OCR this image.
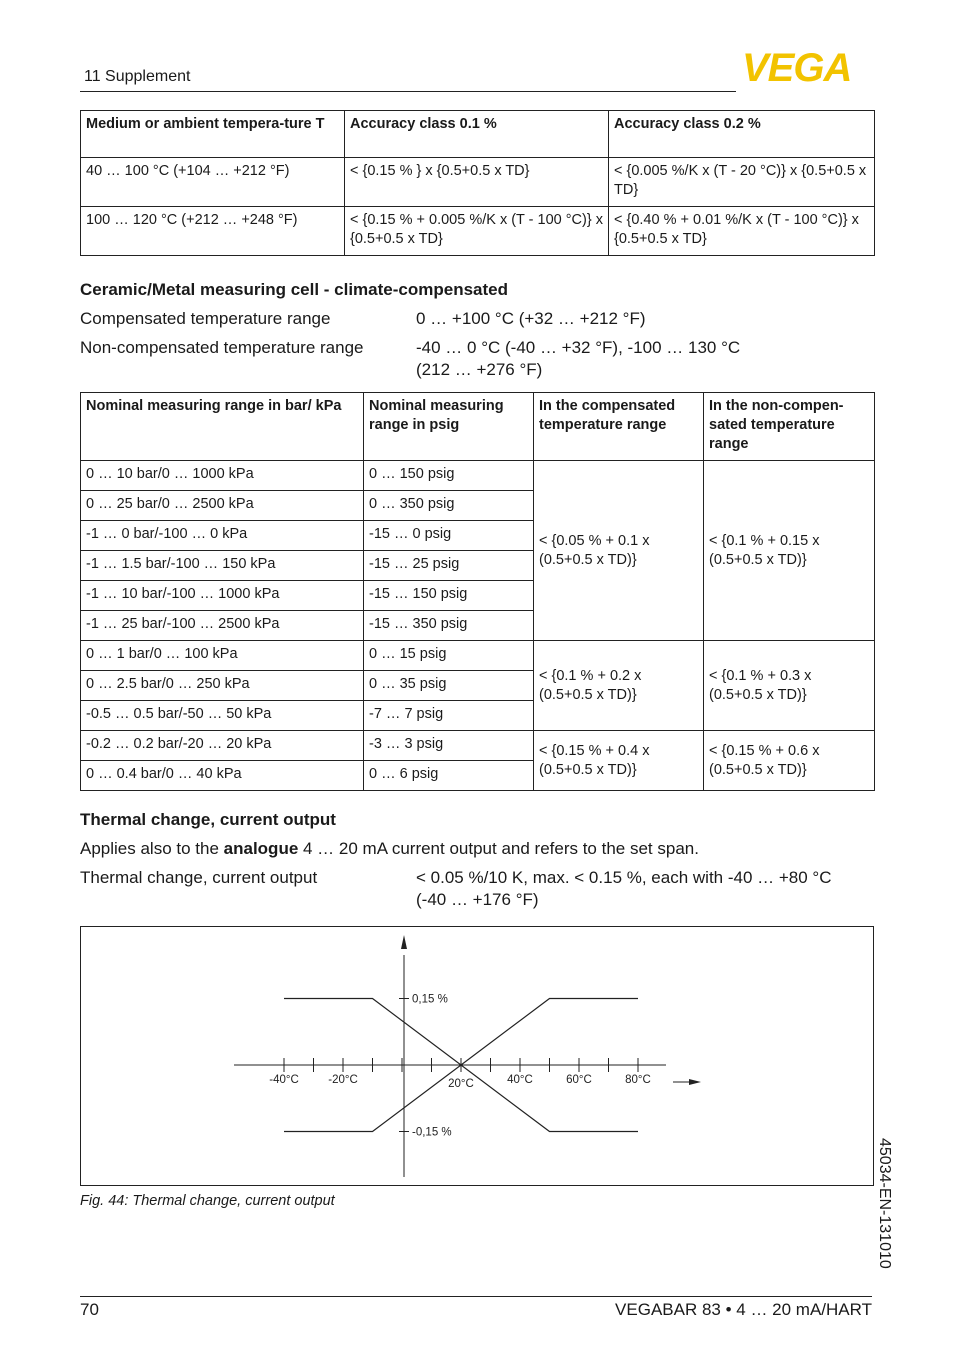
11 Supplement	VEGA
Medium or ambient tempera-ture T	Accuracy class 0.1 %	Accuracy class 0.2 %
40 … 100 °C (+104 … +212 °F)	< {0.15 % } x {0.5+0.5 x TD}	< {0.005 %/K x (T - 20 °C)} x {0.5+0.5 x TD}
100 … 120 °C (+212 … +248 °F)	< {0.15 % + 0.005 %/K x (T - 100 °C)} x {0.5+0.5 x TD}	< {0.40 % + 0.01 %/K x (T - 100 °C)} x {0.5+0.5 x TD}
Ceramic/Metal measuring cell - climate-compensated
Compensated temperature range	0 … +100 °C (+32 … +212 °F)
Non-compensated temperature range	-40 … 0 °C (-40 … +32 °F), -100 … 130 °C
(212 … +276 °F)
Nominal measuring range in bar/ kPa	Nominal measuring range in psig	In the compensated temperature range	In the non-compen-sated temperature range
0 … 10 bar/0 … 1000 kPa	0 … 150 psig	< {0.05 % + 0.1 x (0.5+0.5 x TD)}	< {0.1 % + 0.15 x (0.5+0.5 x TD)}
0 … 25 bar/0 … 2500 kPa	0 … 350 psig		
-1 … 0 bar/-100 … 0 kPa	-15 … 0 psig		
-1 … 1.5 bar/-100 … 150 kPa	-15 … 25 psig		
-1 … 10 bar/-100 … 1000 kPa	-15 … 150 psig		
-1 … 25 bar/-100 … 2500 kPa	-15 … 350 psig		
0 … 1 bar/0 … 100 kPa	0 … 15 psig	< {0.1 % + 0.2 x (0.5+0.5 x TD)}	< {0.1 % + 0.3 x (0.5+0.5 x TD)}
0 … 2.5 bar/0 … 250 kPa	0 … 35 psig		
-0.5 … 0.5 bar/-50 … 50 kPa	-7 … 7 psig		
-0.2 … 0.2 bar/-20 … 20 kPa	-3 … 3 psig	< {0.15 % + 0.4 x (0.5+0.5 x TD)}	< {0.15 % + 0.6 x (0.5+0.5 x TD)}
0 … 0.4 bar/0 … 40 kPa	0 … 6 psig		
Thermal change, current output
Applies also to the analogue 4 … 20 mA current output and refers to the set span.
Thermal change, current output	< 0.05 %/10 K, max. < 0.15 %, each with -40 … +80 °C
(-40 … +176 °F)
-40°C	-20°C	20°C	40°C	60°C	80°C
0,15 %
-0,15 %
Fig. 44: Thermal change, current output
70	VEGABAR 83 • 4 … 20 mA/HART
45034-EN-131010
